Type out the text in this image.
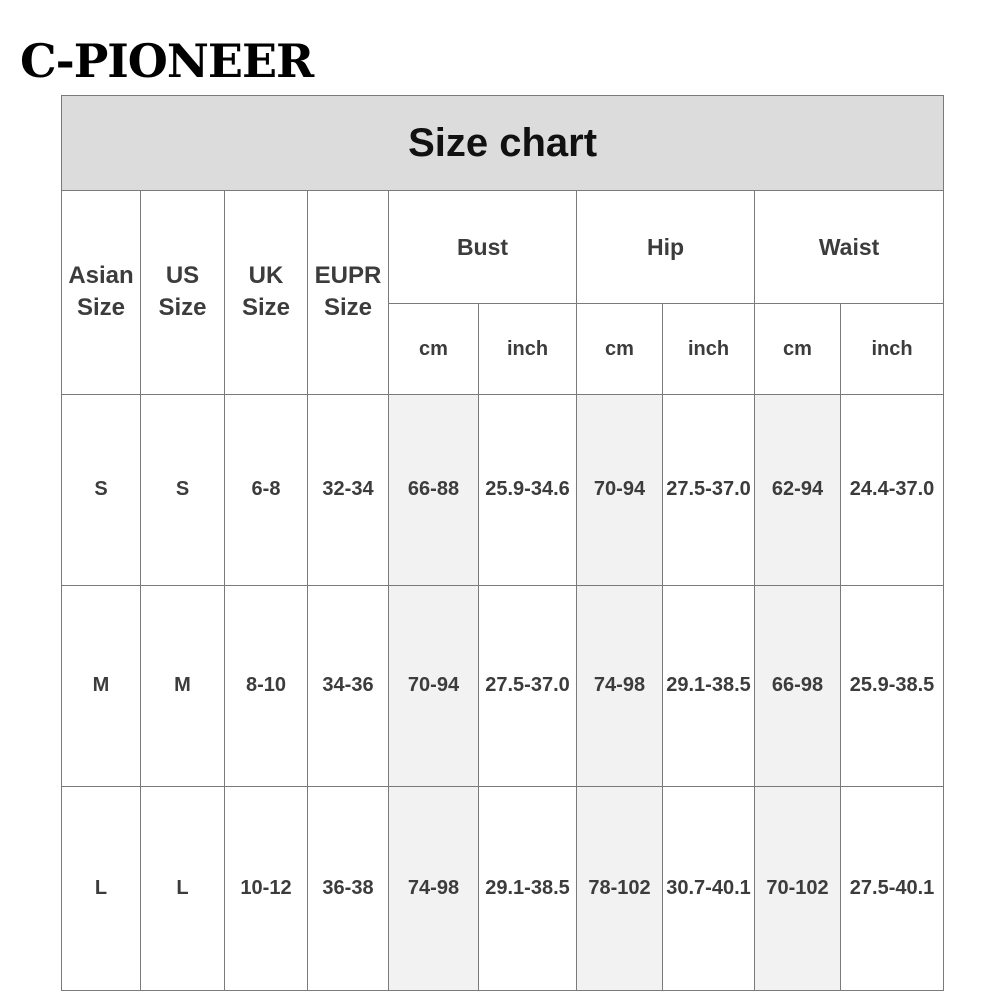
C-PIONEER
Size chart									
Asian Size	US Size	UK Size	EUPR Size	Bust		Hip		Waist	
				cm	inch	cm	inch	cm	inch
S	S	6-8	32-34	66-88	25.9-34.6	70-94	27.5-37.0	62-94	24.4-37.0
M	M	8-10	34-36	70-94	27.5-37.0	74-98	29.1-38.5	66-98	25.9-38.5
L	L	10-12	36-38	74-98	29.1-38.5	78-102	30.7-40.1	70-102	27.5-40.1
